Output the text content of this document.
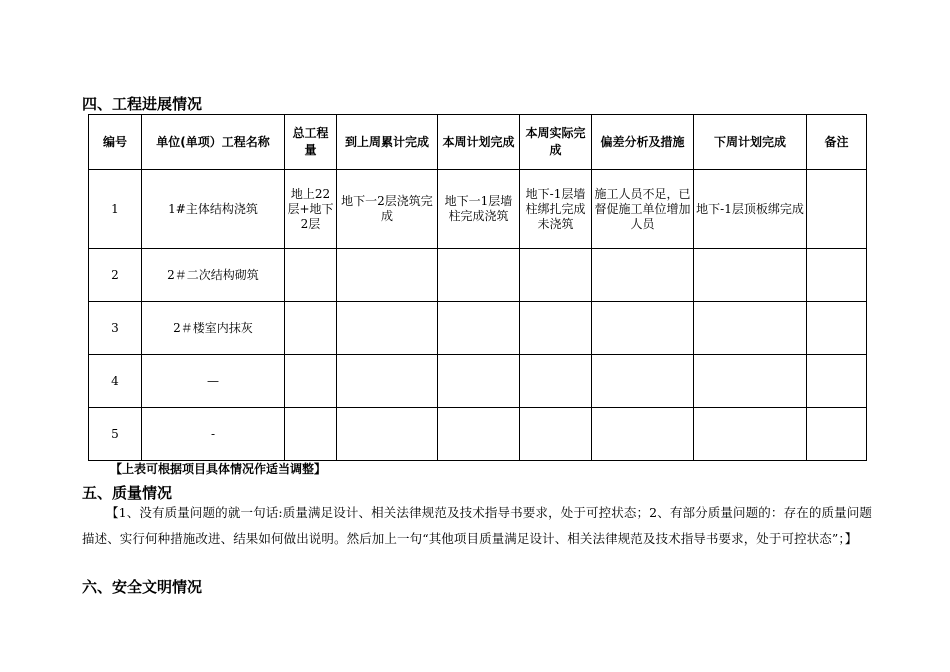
四、工程进展情况
编号	单位(单项）工程名称	总工程量	到上周累计完成	本周计划完成	本周实际完成	偏差分析及措施	下周计划完成	备注
1	1#主体结构浇筑	地上22层+地下2层	地下一2层浇筑完成	地下一1层墙柱完成浇筑	地下-1层墙柱绑扎完成未浇筑	施工人员不足，已督促施工单位增加人员	地下-1层顶板绑完成	
2	2＃二次结构砌筑							
3	2＃楼室内抹灰							
4	—							
5	-							
【上表可根据项目具体情况作适当调整】
五、质量情况
【1、没有质量问题的就一句话:质量满足设计、相关法律规范及技术指导书要求，处于可控状态；2、有部分质量问题的：存在的质量问题描述、实行何种措施改进、结果如何做出说明。然后加上一句“其他项目质量满足设计、相关法律规范及技术指导书要求，处于可控状态”；】
六、安全文明情况
